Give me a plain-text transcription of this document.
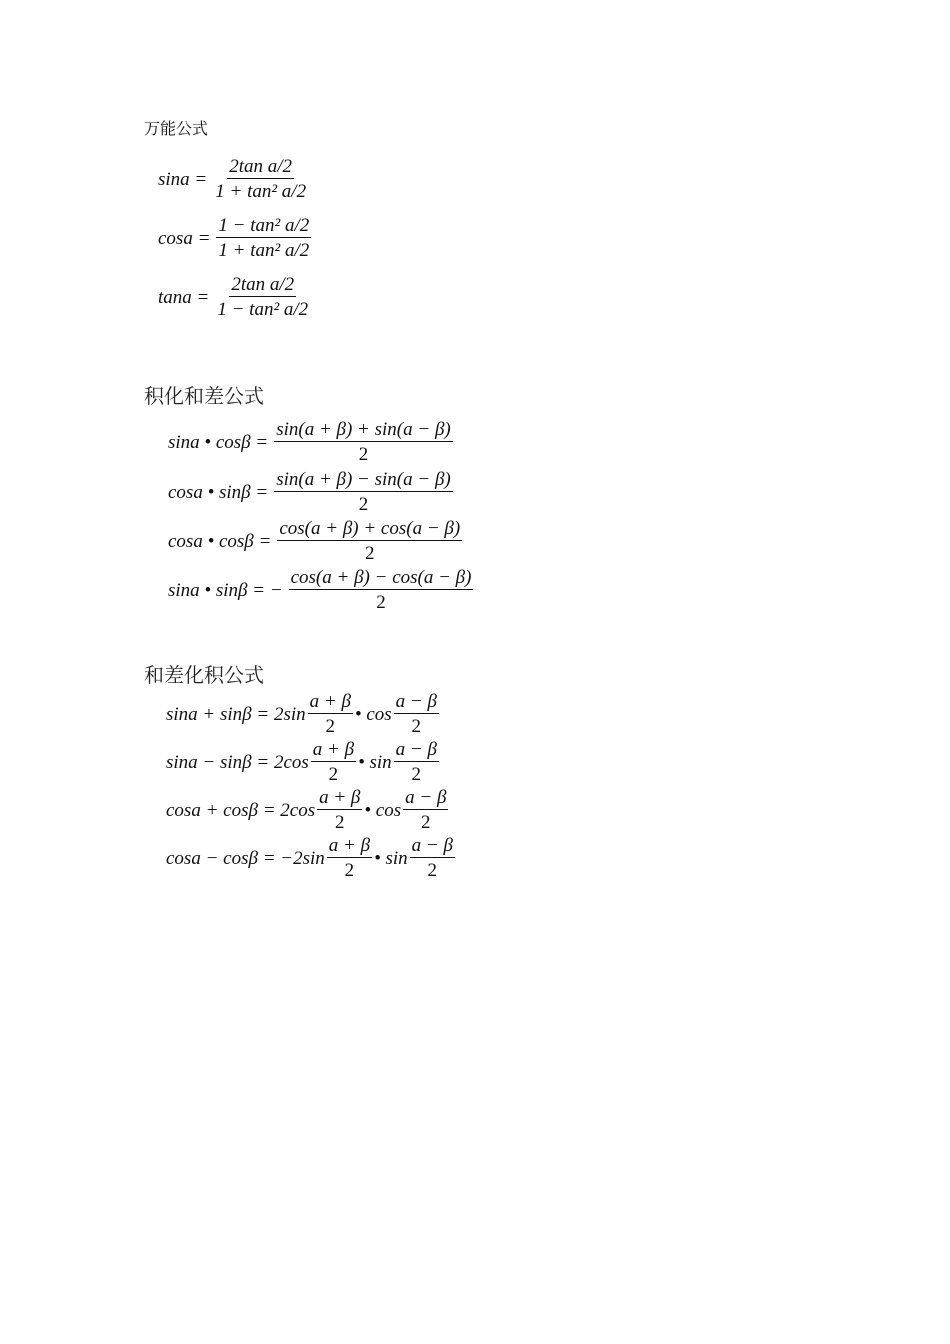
万能公式
$\sin a = \frac{\text{2tan a/2}}{\text{1 + tan² a/2}}$
$\cos a = \frac{\text{1 − tan² a/2}}{\text{1 + tan² a/2}}$
$\tan a = \frac{\text{2tan a/2}}{\text{1 − tan² a/2}}$
积化和差公式
sina • $\cos\beta = \frac{\sin(a + \beta) + \sin(a - \beta)}{2}$
cosa • $\sin\beta = \frac{\sin(a + \beta) - \sin(a - \beta)}{2}$
cosa • $\cos\beta = \frac{\cos(a + \beta) + \cos(a - \beta)}{2}$
sina • sinβ = − $\frac{\cos(a + \beta) - \cos(a - \beta)}{2}$
和差化积公式
$\sin a + \sin\beta = 2\sin \frac{a + \beta}{2}$ • $\cos \frac{a - \beta}{2}$
$\sin a - \sin\beta = 2\cos \frac{a + \beta}{2}$ • $\sin \frac{a - \beta}{2}$
$\cos a + \cos\beta = 2\cos \frac{a + \beta}{2}$ • $\cos \frac{a - \beta}{2}$
$\cos a - \cos\beta = -2\sin \frac{a + \beta}{2}$ • $\sin \frac{a - \beta}{2}$
